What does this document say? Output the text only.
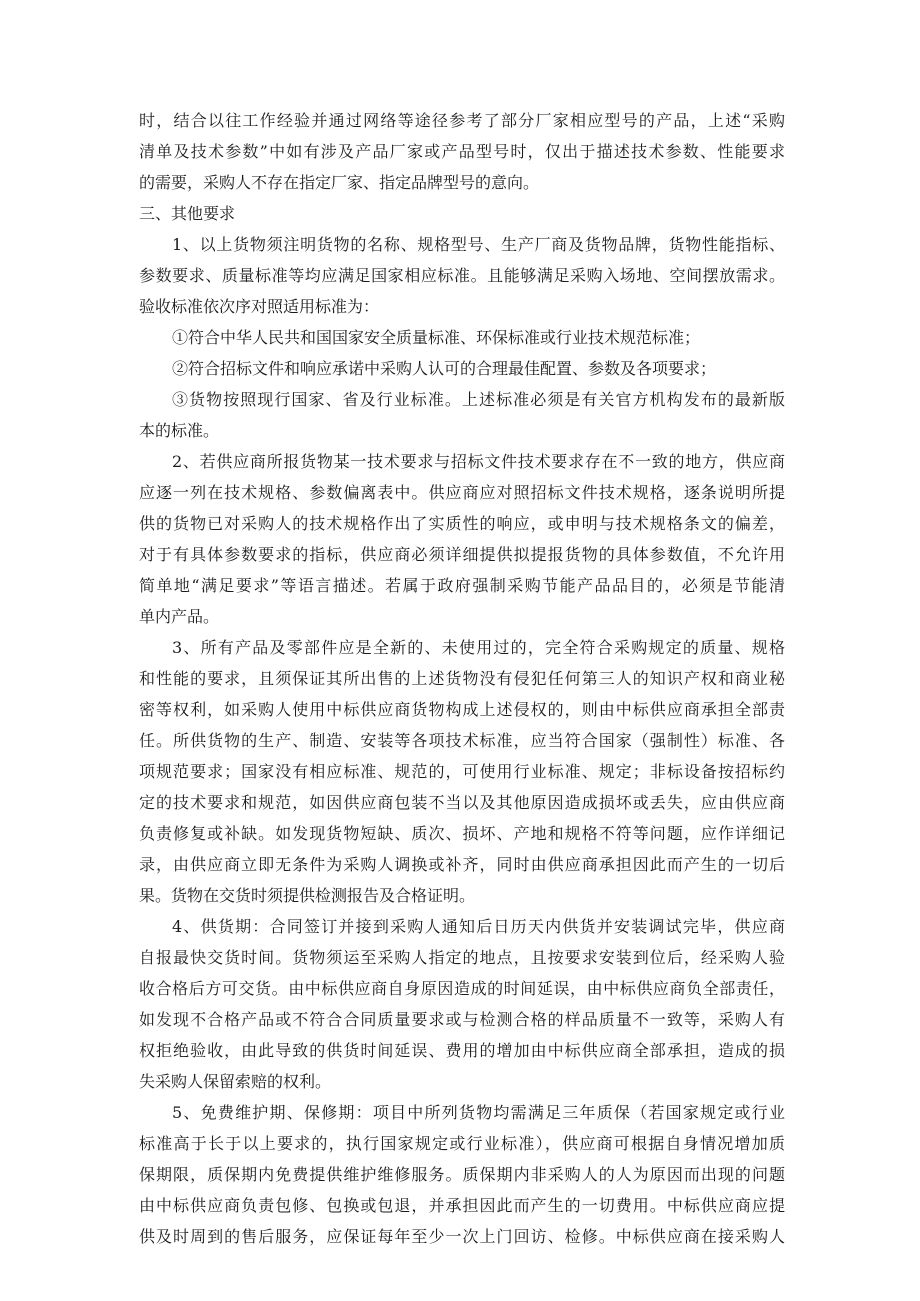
时，结合以往工作经验并通过网络等途径参考了部分厂家相应型号的产品，上述“采购
清单及技术参数”中如有涉及产品厂家或产品型号时，仅出于描述技术参数、性能要求
的需要，采购人不存在指定厂家、指定品牌型号的意向。
三、其他要求
1、以上货物须注明货物的名称、规格型号、生产厂商及货物品牌，货物性能指标、
参数要求、质量标准等均应满足国家相应标准。且能够满足采购入场地、空间摆放需求。
验收标准依次序对照适用标准为：
①符合中华人民共和国国家安全质量标准、环保标准或行业技术规范标准；
②符合招标文件和响应承诺中采购人认可的合理最佳配置、参数及各项要求；
③货物按照现行国家、省及行业标准。上述标准必须是有关官方机构发布的最新版
本的标准。
2、若供应商所报货物某一技术要求与招标文件技术要求存在不一致的地方，供应商
应逐一列在技术规格、参数偏离表中。供应商应对照招标文件技术规格，逐条说明所提
供的货物已对采购人的技术规格作出了实质性的响应，或申明与技术规格条文的偏差，
对于有具体参数要求的指标，供应商必须详细提供拟提报货物的具体参数值，不允许用
简单地“满足要求”等语言描述。若属于政府强制采购节能产品品目的，必须是节能清
单内产品。
3、所有产品及零部件应是全新的、未使用过的，完全符合采购规定的质量、规格
和性能的要求，且须保证其所出售的上述货物没有侵犯任何第三人的知识产权和商业秘
密等权利，如采购人使用中标供应商货物构成上述侵权的，则由中标供应商承担全部责
任。所供货物的生产、制造、安装等各项技术标准，应当符合国家（强制性）标准、各
项规范要求；国家没有相应标准、规范的，可使用行业标准、规定；非标设备按招标约
定的技术要求和规范，如因供应商包装不当以及其他原因造成损坏或丢失，应由供应商
负责修复或补缺。如发现货物短缺、质次、损坏、产地和规格不符等问题，应作详细记
录，由供应商立即无条件为采购人调换或补齐，同时由供应商承担因此而产生的一切后
果。货物在交货时须提供检测报告及合格证明。
4、供货期：合同签订并接到采购人通知后日历天内供货并安装调试完毕，供应商
自报最快交货时间。货物须运至采购人指定的地点，且按要求安装到位后，经采购人验
收合格后方可交货。由中标供应商自身原因造成的时间延误，由中标供应商负全部责任，
如发现不合格产品或不符合合同质量要求或与检测合格的样品质量不一致等，采购人有
权拒绝验收，由此导致的供货时间延误、费用的增加由中标供应商全部承担，造成的损
失采购人保留索赔的权利。
5、免费维护期、保修期：项目中所列货物均需满足三年质保（若国家规定或行业
标准高于长于以上要求的，执行国家规定或行业标准），供应商可根据自身情况增加质
保期限，质保期内免费提供维护维修服务。质保期内非采购人的人为原因而出现的问题
由中标供应商负责包修、包换或包退，并承担因此而产生的一切费用。中标供应商应提
供及时周到的售后服务，应保证每年至少一次上门回访、检修。中标供应商在接采购人
